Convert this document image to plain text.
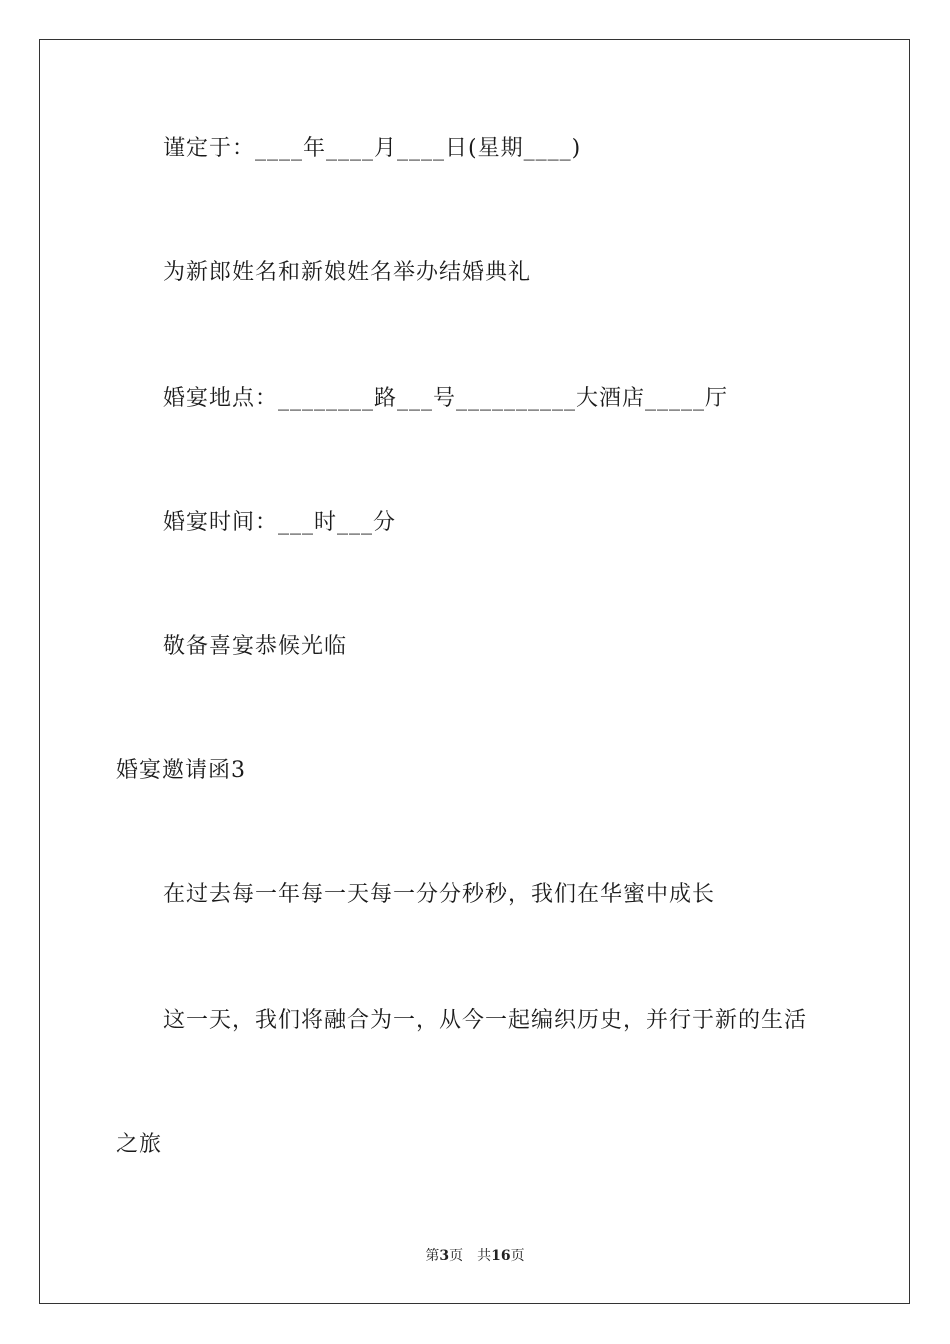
谨定于：____年____月____日(星期____)
为新郎姓名和新娘姓名举办结婚典礼
婚宴地点：________路___号__________大酒店_____厅
婚宴时间：___时___分
敬备喜宴恭候光临
婚宴邀请函3
在过去每一年每一天每一分分秒秒，我们在华蜜中成长
这一天，我们将融合为一，从今一起编织历史，并行于新的生活
之旅
第3页 共16页
